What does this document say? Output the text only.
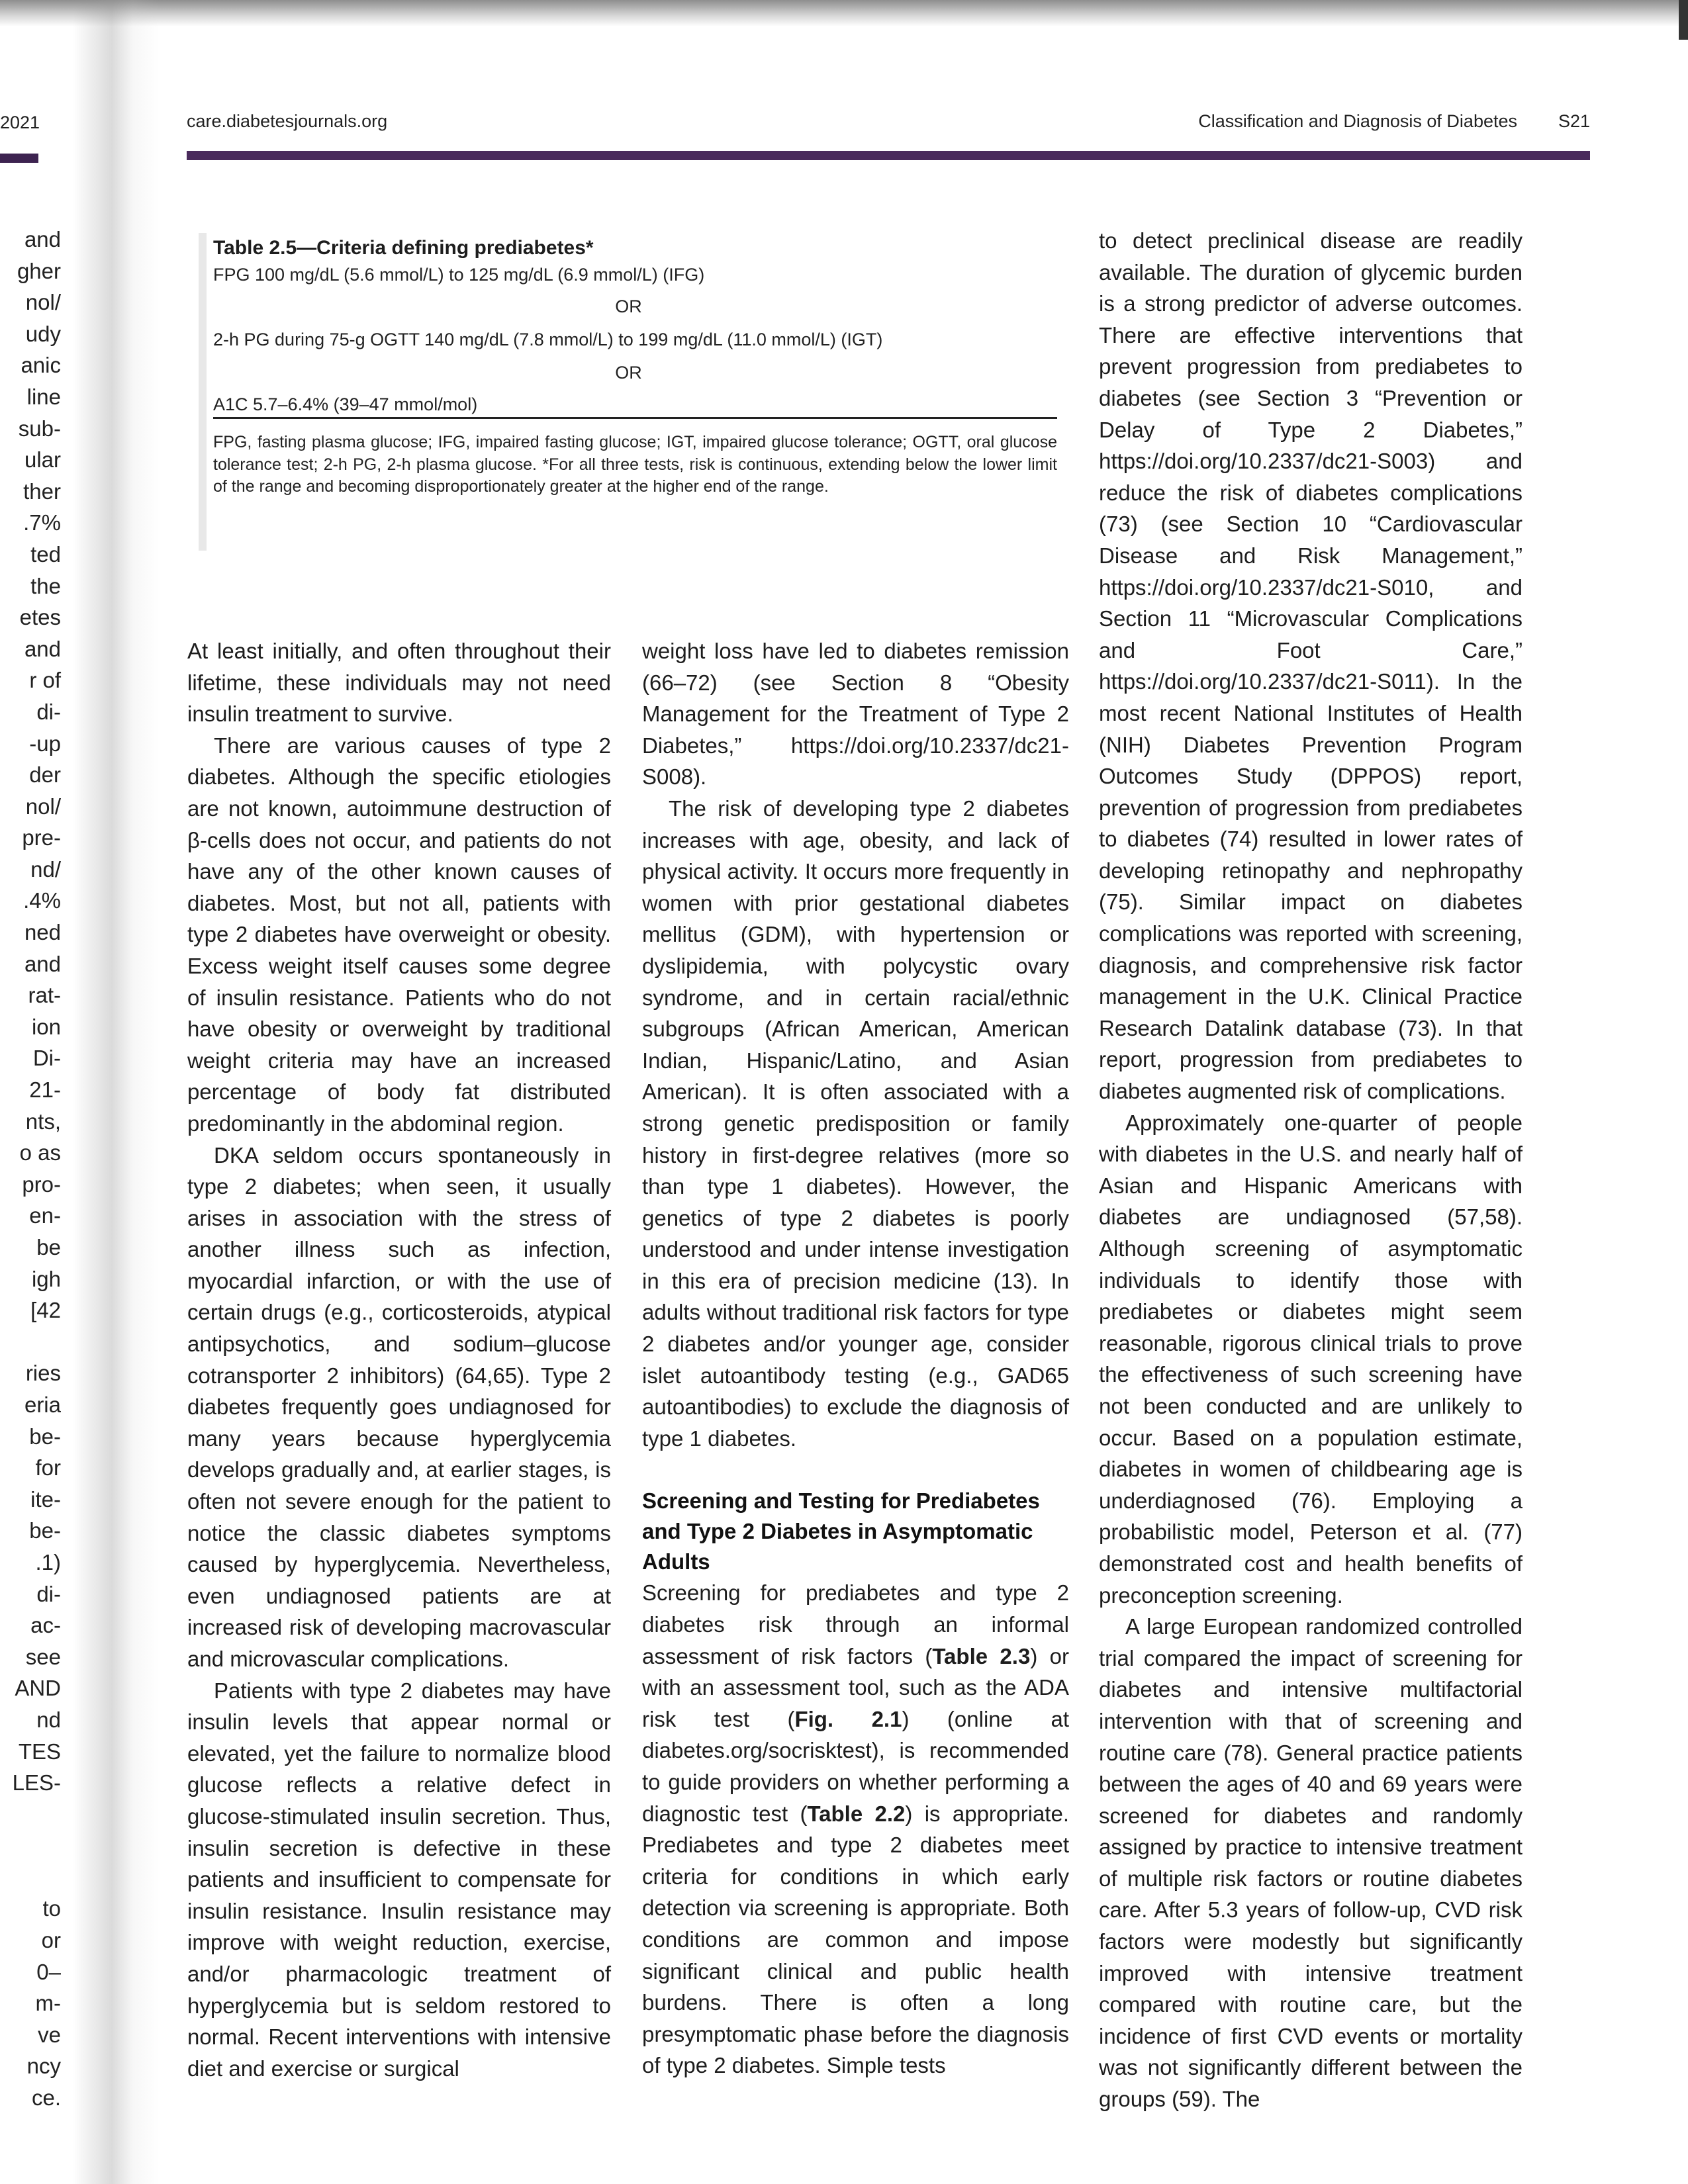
2021
and
gher
nol/
udy
anic
line
sub-
ular
ther
.7%
ted
the
etes
and
r of
di-
-up
der
nol/
pre-
nd/
.4%
ned
and
rat-
ion
Di-
21-
nts,
o as
pro-
en-
be
igh
[42
ries
eria
be-
for
ite-
be-
.1)
di-
ac-
see
AND
nd
TES
LES-
to
or
0–
m-
ve
ncy
ce.
care.diabetesjournals.org	Classification and Diagnosis of Diabetes S21
Table 2.5—Criteria defining prediabetes*
FPG 100 mg/dL (5.6 mmol/L) to 125 mg/dL (6.9 mmol/L) (IFG)
OR
2-h PG during 75-g OGTT 140 mg/dL (7.8 mmol/L) to 199 mg/dL (11.0 mmol/L) (IGT)
OR
A1C 5.7–6.4% (39–47 mmol/mol)
FPG, fasting plasma glucose; IFG, impaired fasting glucose; IGT, impaired glucose tolerance; OGTT, oral glucose tolerance test; 2-h PG, 2-h plasma glucose. *For all three tests, risk is continuous, extending below the lower limit of the range and becoming disproportionately greater at the higher end of the range.

At least initially, and often throughout their lifetime, these individuals may not need insulin treatment to survive.

There are various causes of type 2 diabetes. Although the specific etiologies are not known, autoimmune destruction of β-cells does not occur, and patients do not have any of the other known causes of diabetes. Most, but not all, patients with type 2 diabetes have overweight or obesity. Excess weight itself causes some degree of insulin resistance. Patients who do not have obesity or overweight by traditional weight criteria may have an increased percentage of body fat distributed predominantly in the abdominal region.

DKA seldom occurs spontaneously in type 2 diabetes; when seen, it usually arises in association with the stress of another illness such as infection, myocardial infarction, or with the use of certain drugs (e.g., corticosteroids, atypical antipsychotics, and sodium–glucose cotransporter 2 inhibitors) (64,65). Type 2 diabetes frequently goes undiagnosed for many years because hyperglycemia develops gradually and, at earlier stages, is often not severe enough for the patient to notice the classic diabetes symptoms caused by hyperglycemia. Nevertheless, even undiagnosed patients are at increased risk of developing macrovascular and microvascular complications.

Patients with type 2 diabetes may have insulin levels that appear normal or elevated, yet the failure to normalize blood glucose reflects a relative defect in glucose-stimulated insulin secretion. Thus, insulin secretion is defective in these patients and insufficient to compensate for insulin resistance. Insulin resistance may improve with weight reduction, exercise, and/or pharmacologic treatment of hyperglycemia but is seldom restored to normal. Recent interventions with intensive diet and exercise or surgical

weight loss have led to diabetes remission (66–72) (see Section 8 “Obesity Management for the Treatment of Type 2 Diabetes,” https://doi.org/10.2337/dc21-S008).

The risk of developing type 2 diabetes increases with age, obesity, and lack of physical activity. It occurs more frequently in women with prior gestational diabetes mellitus (GDM), with hypertension or dyslipidemia, with polycystic ovary syndrome, and in certain racial/ethnic subgroups (African American, American Indian, Hispanic/Latino, and Asian American). It is often associated with a strong genetic predisposition or family history in first-degree relatives (more so than type 1 diabetes). However, the genetics of type 2 diabetes is poorly understood and under intense investigation in this era of precision medicine (13). In adults without traditional risk factors for type 2 diabetes and/or younger age, consider islet autoantibody testing (e.g., GAD65 autoantibodies) to exclude the diagnosis of type 1 diabetes.

Screening and Testing for Prediabetes and Type 2 Diabetes in Asymptomatic Adults

Screening for prediabetes and type 2 diabetes risk through an informal assessment of risk factors (Table 2.3) or with an assessment tool, such as the ADA risk test (Fig. 2.1) (online at diabetes.org/socrisktest), is recommended to guide providers on whether performing a diagnostic test (Table 2.2) is appropriate. Prediabetes and type 2 diabetes meet criteria for conditions in which early detection via screening is appropriate. Both conditions are common and impose significant clinical and public health burdens. There is often a long presymptomatic phase before the diagnosis of type 2 diabetes. Simple tests

to detect preclinical disease are readily available. The duration of glycemic burden is a strong predictor of adverse outcomes. There are effective interventions that prevent progression from prediabetes to diabetes (see Section 3 “Prevention or Delay of Type 2 Diabetes,” https://doi.org/10.2337/dc21-S003) and reduce the risk of diabetes complications (73) (see Section 10 “Cardiovascular Disease and Risk Management,” https://doi.org/10.2337/dc21-S010, and Section 11 “Microvascular Complications and Foot Care,” https://doi.org/10.2337/dc21-S011). In the most recent National Institutes of Health (NIH) Diabetes Prevention Program Outcomes Study (DPPOS) report, prevention of progression from prediabetes to diabetes (74) resulted in lower rates of developing retinopathy and nephropathy (75). Similar impact on diabetes complications was reported with screening, diagnosis, and comprehensive risk factor management in the U.K. Clinical Practice Research Datalink database (73). In that report, progression from prediabetes to diabetes augmented risk of complications.

Approximately one-quarter of people with diabetes in the U.S. and nearly half of Asian and Hispanic Americans with diabetes are undiagnosed (57,58). Although screening of asymptomatic individuals to identify those with prediabetes or diabetes might seem reasonable, rigorous clinical trials to prove the effectiveness of such screening have not been conducted and are unlikely to occur. Based on a population estimate, diabetes in women of childbearing age is underdiagnosed (76). Employing a probabilistic model, Peterson et al. (77) demonstrated cost and health benefits of preconception screening.

A large European randomized controlled trial compared the impact of screening for diabetes and intensive multifactorial intervention with that of screening and routine care (78). General practice patients between the ages of 40 and 69 years were screened for diabetes and randomly assigned by practice to intensive treatment of multiple risk factors or routine diabetes care. After 5.3 years of follow-up, CVD risk factors were modestly but significantly improved with intensive treatment compared with routine care, but the incidence of first CVD events or mortality was not significantly different between the groups (59). The
